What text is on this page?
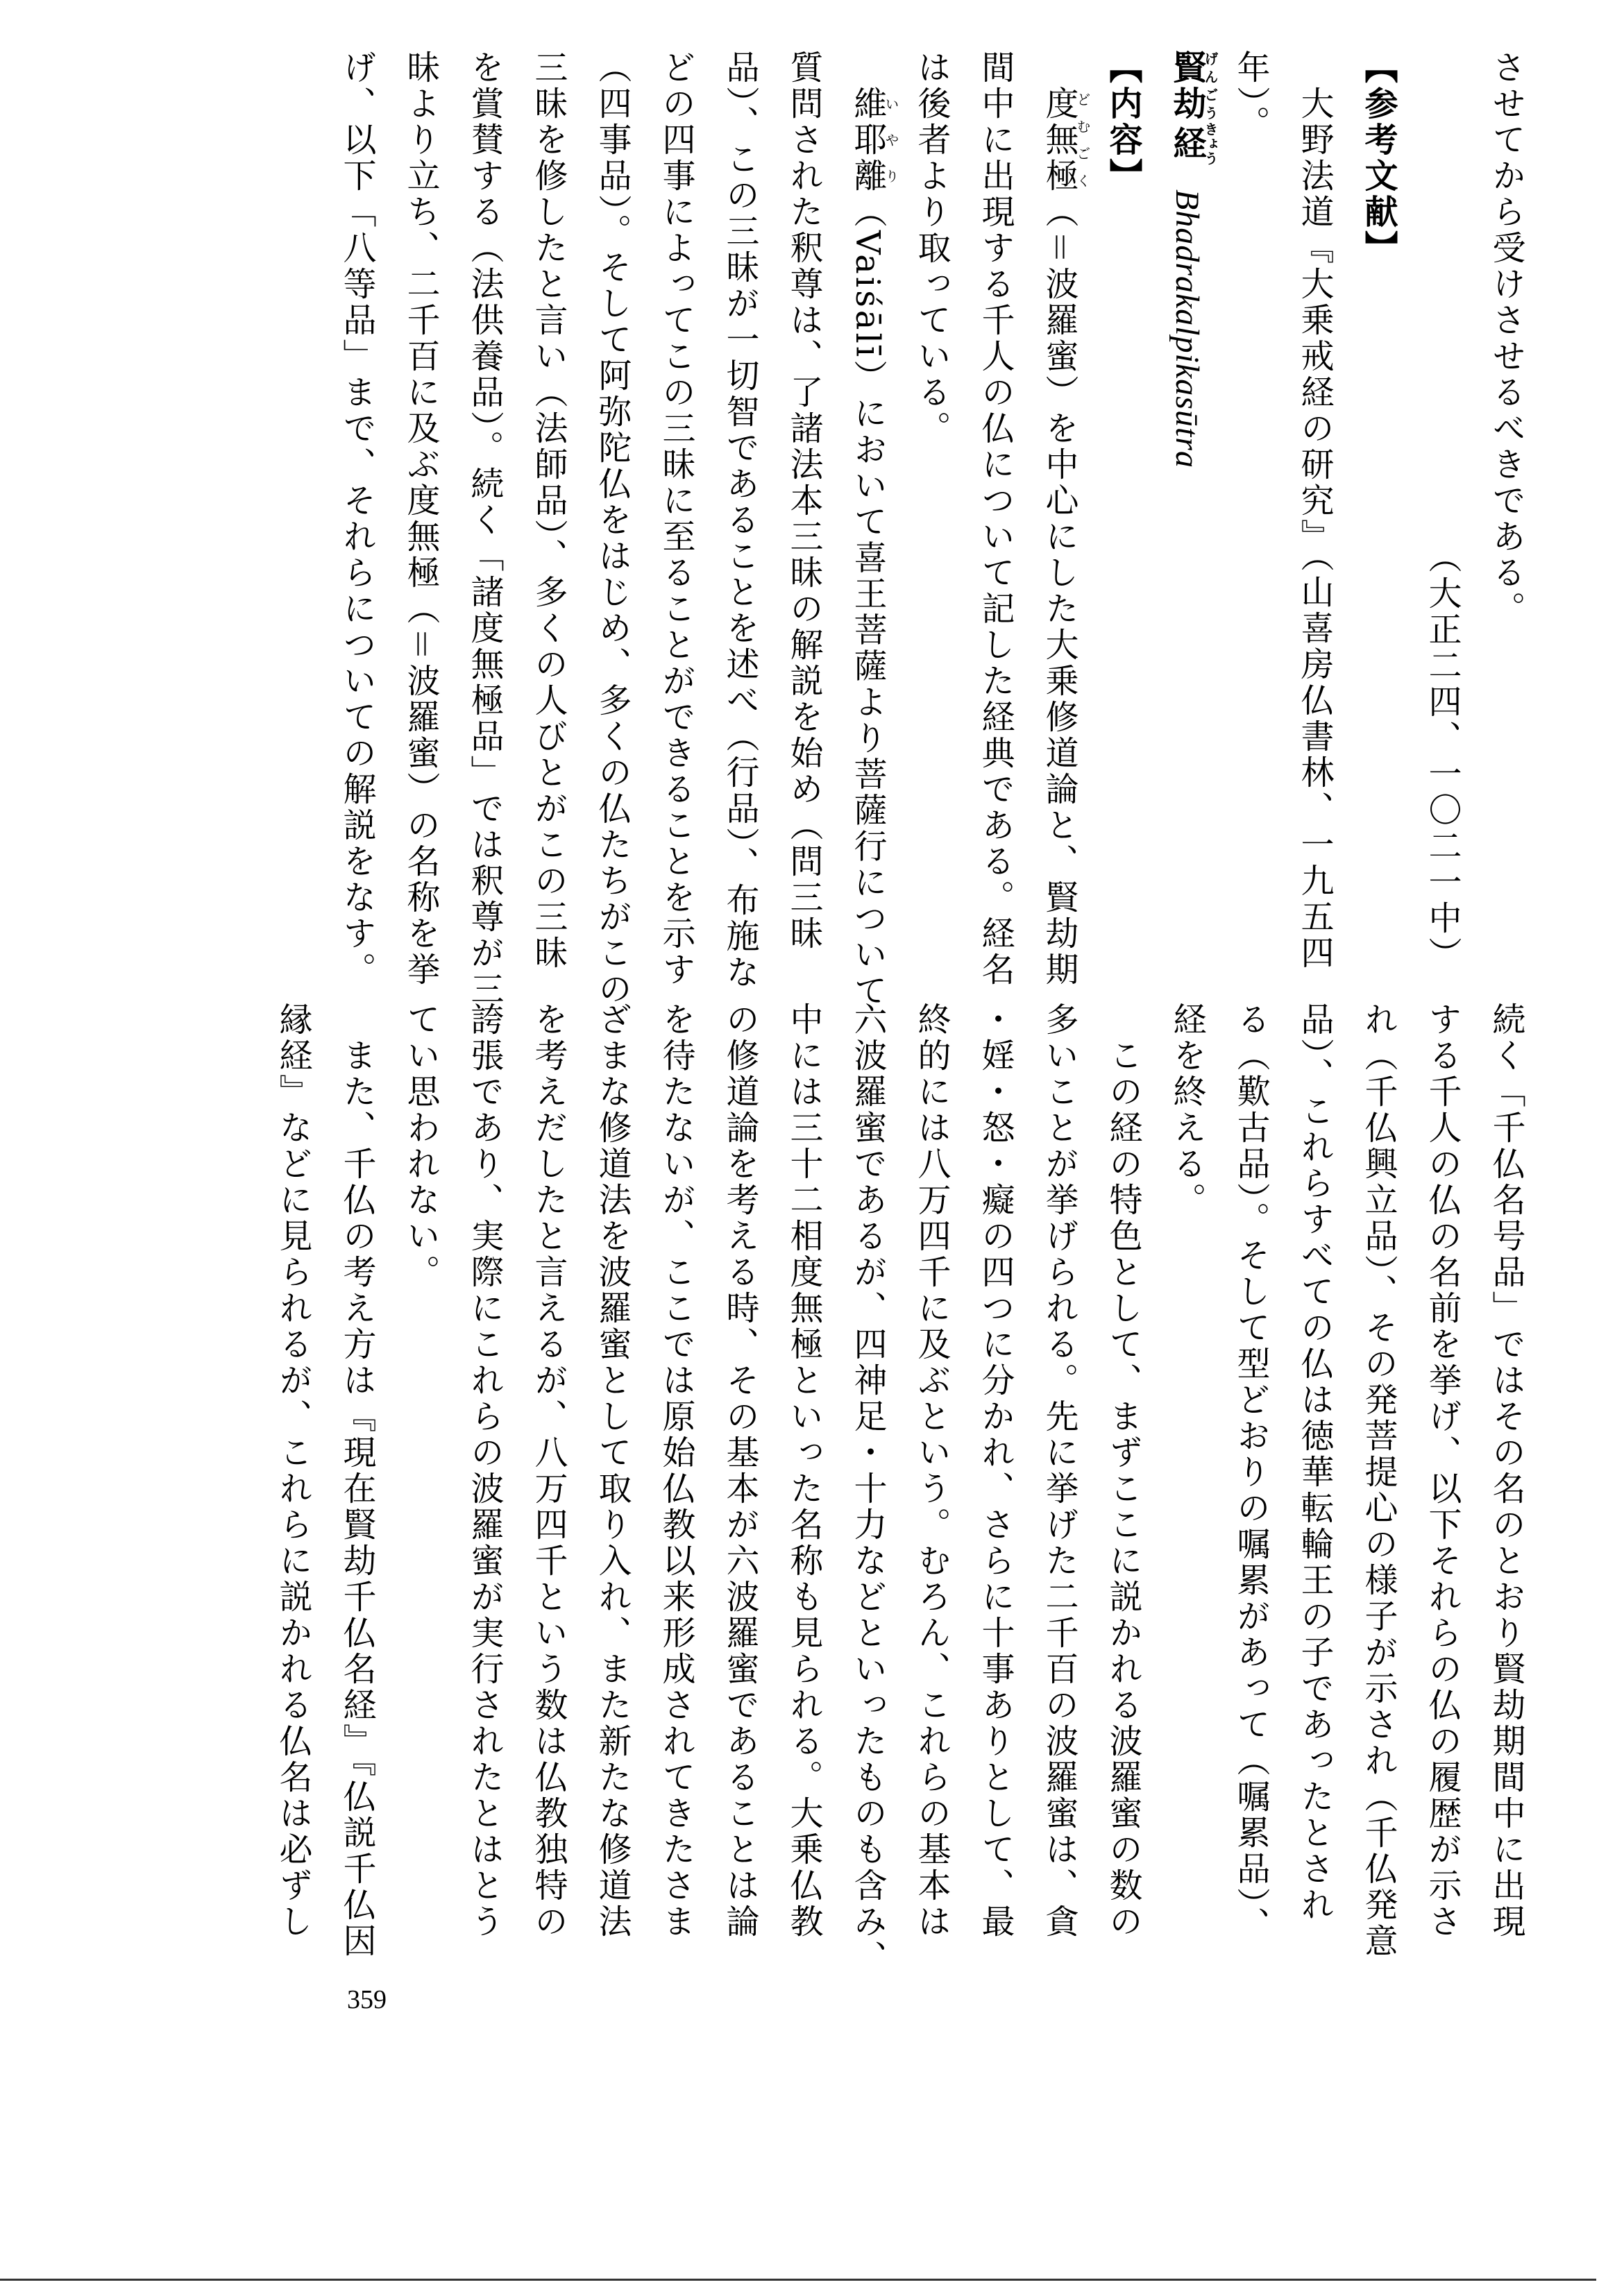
させてから受けさせるべきである。
（大正二四、一〇二一中）
【参考文献】
大野法道『大乗戒経の研究』（山喜房仏書林、一九五四
年）。
賢劫げんごう経きょう Bhadrakalpikasūtra
【内容】
度無極どむごく（＝波羅蜜）を中心にした大乗修道論と、賢劫期
間中に出現する千人の仏について記した経典である。経名
は後者より取っている。
維耶離いやり（Vaiśālī）において喜王菩薩より菩薩行について
質問された釈尊は、了諸法本三昧の解説を始め（問三昧
品）、この三昧が一切智であることを述べ（行品）、布施な
どの四事によってこの三昧に至ることができることを示す
（四事品）。そして阿弥陀仏をはじめ、多くの仏たちがこの
三昧を修したと言い（法師品）、多くの人びとがこの三昧
を賞賛する（法供養品）。続く「諸度無極品」では釈尊が三
昧より立ち、二千百に及ぶ度無極（＝波羅蜜）の名称を挙
げ、以下「八等品」まで、それらについての解説をなす。
続く「千仏名号品」ではその名のとおり賢劫期間中に出現
する千人の仏の名前を挙げ、以下それらの仏の履歴が示さ
れ（千仏興立品）、その発菩提心の様子が示され（千仏発意
品）、これらすべての仏は徳華転輪王の子であったとされ
る（歎古品）。そして型どおりの嘱累があって（嘱累品）、
経を終える。
この経の特色として、まずここに説かれる波羅蜜の数の
多いことが挙げられる。先に挙げた二千百の波羅蜜は、貪
・婬・怒・癡の四つに分かれ、さらに十事ありとして、最
終的には八万四千に及ぶという。むろん、これらの基本は
六波羅蜜であるが、四神足・十力などといったものも含み、
中には三十二相度無極といった名称も見られる。大乗仏教
の修道論を考える時、その基本が六波羅蜜であることは論
を待たないが、ここでは原始仏教以来形成されてきたさま
ざまな修道法を波羅蜜として取り入れ、また新たな修道法
を考えだしたと言えるが、八万四千という数は仏教独特の
誇張であり、実際にこれらの波羅蜜が実行されたとはとう
てい思われない。
また、千仏の考え方は『現在賢劫千仏名経』『仏説千仏因
縁経』などに見られるが、これらに説かれる仏名は必ずし
359
